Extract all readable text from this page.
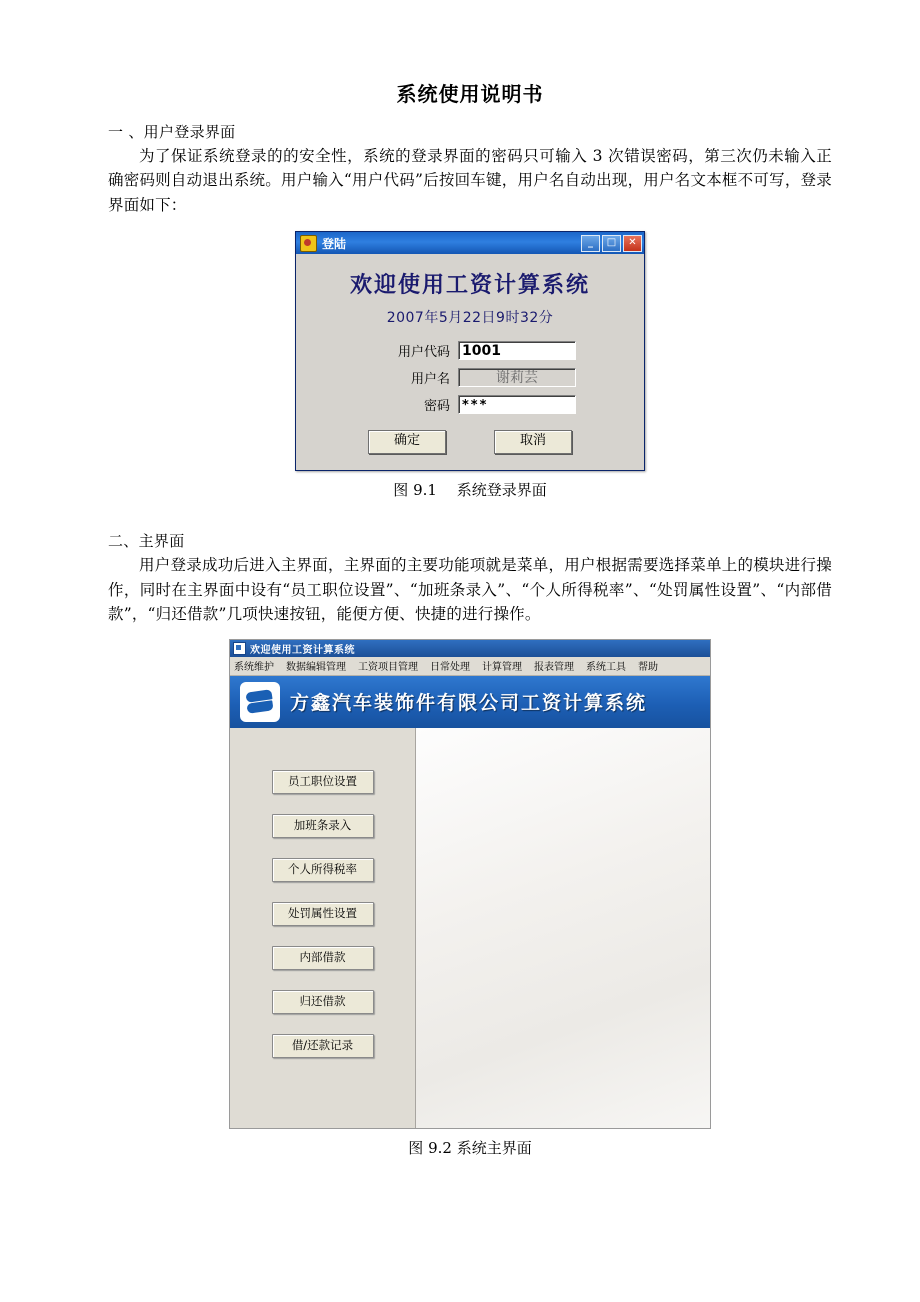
系统使用说明书
一 、用户登录界面

为了保证系统登录的的安全性，系统的登录界面的密码只可输入 3 次错误密码，第三次仍未输入正确密码则自动退出系统。用户输入“用户代码”后按回车键，用户名自动出现，用户名文本框不可写，登录界面如下：

登陆	_	□	✕
欢迎使用工资计算系统
2007年5月22日9时32分
用户代码 1001
用户名	谢莉芸
密码 ***
确定	取消

图 9.1　 系统登录界面

二、主界面

用户登录成功后进入主界面，主界面的主要功能项就是菜单，用户根据需要选择菜单上的模块进行操作，同时在主界面中设有“员工职位设置”、“加班条录入”、“个人所得税率”、“处罚属性设置”、“内部借款”，“归还借款”几项快速按钮，能便方便、快捷的进行操作。

欢迎使用工资计算系统
系统维护 数据编辑管理 工资项目管理 日常处理 计算管理 报表管理 系统工具 帮助
方鑫汽车装饰件有限公司工资计算系统
员工职位设置
加班条录入
个人所得税率
处罚属性设置
内部借款
归还借款
借/还款记录

图 9.2 系统主界面
